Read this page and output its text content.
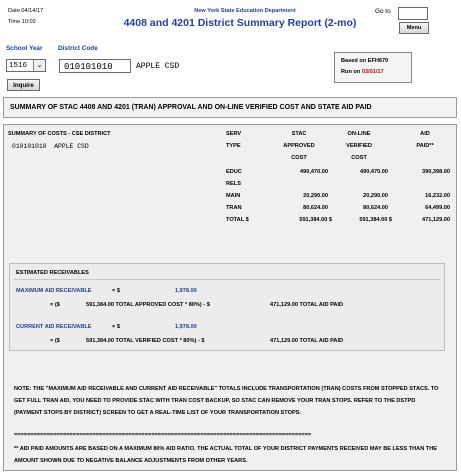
Date 04/14/17
Time 10:02
New York State Education Department
4408 and 4201 District Summary Report (2-mo)
Go to
Menu
School Year District Code
1516	⌄ 010101010	APPLE CSD
Inquire
Based on EFH670
Run on 03/01/17
SUMMARY OF STAC 4408 AND 4201 (TRAN) APPROVAL AND ON-LINE VERIFIED COST AND STATE AID PAID
SUMMARY OF COSTS - CSE DISTRICT
010101010 APPLE CSD
SERV
TYPE
STAC
APPROVED
COST
ON-LINE
VERIFIED
COST
AID
PAID**
EDUC	490,470.00	490,470.00	390,398.00
RELS
MAIN	20,290.00	20,290.00	16,232.00
TRAN	80,624.00	80,624.00	64,499.00
TOTAL $	591,384.00 $	591,384.00 $	471,129.00
ESTIMATED RECEIVABLES
MAXIMUM AID RECEIVABLE	= $	1,978.00
= ($	591,384.00 TOTAL APPROVED COST * 80%) - $	471,129.00 TOTAL AID PAID
CURRENT AID RECEIVABLE	= $	1,978.00
= ($	591,384.00 TOTAL VERIFIED COST * 80%) - $	471,129.00 TOTAL AID PAID
NOTE: THE "MAXIMUM AID RECEIVABLE AND CURRENT AID RECEIVABLE" TOTALS INCLUDE TRANSPORTATION (TRAN) COSTS FROM STOPPED STACS. TO GET FULL TRAN AID, YOU NEED TO PROVIDE STAC WITH TRAN COST BACKUP, SO STAC CAN REMOVE YOUR TRAN STOPS. REFER TO THE DSTPD (PAYMENT STOPS BY DISTRICT) SCREEN TO GET A REAL-TIME LIST OF YOUR TRANSPORTATION STOPS.
===========================================================================================
** AID PAID AMOUNTS ARE BASED ON A MAXIMUM 80% AID RATIO. THE ACTUAL TOTAL OF YOUR DISTRICT PAYMENTS RECEIVED MAY BE LESS THAN THE AMOUNT SHOWN DUE TO NEGATIVE BALANCE ADJUSTMENTS FROM OTHER YEARS.
